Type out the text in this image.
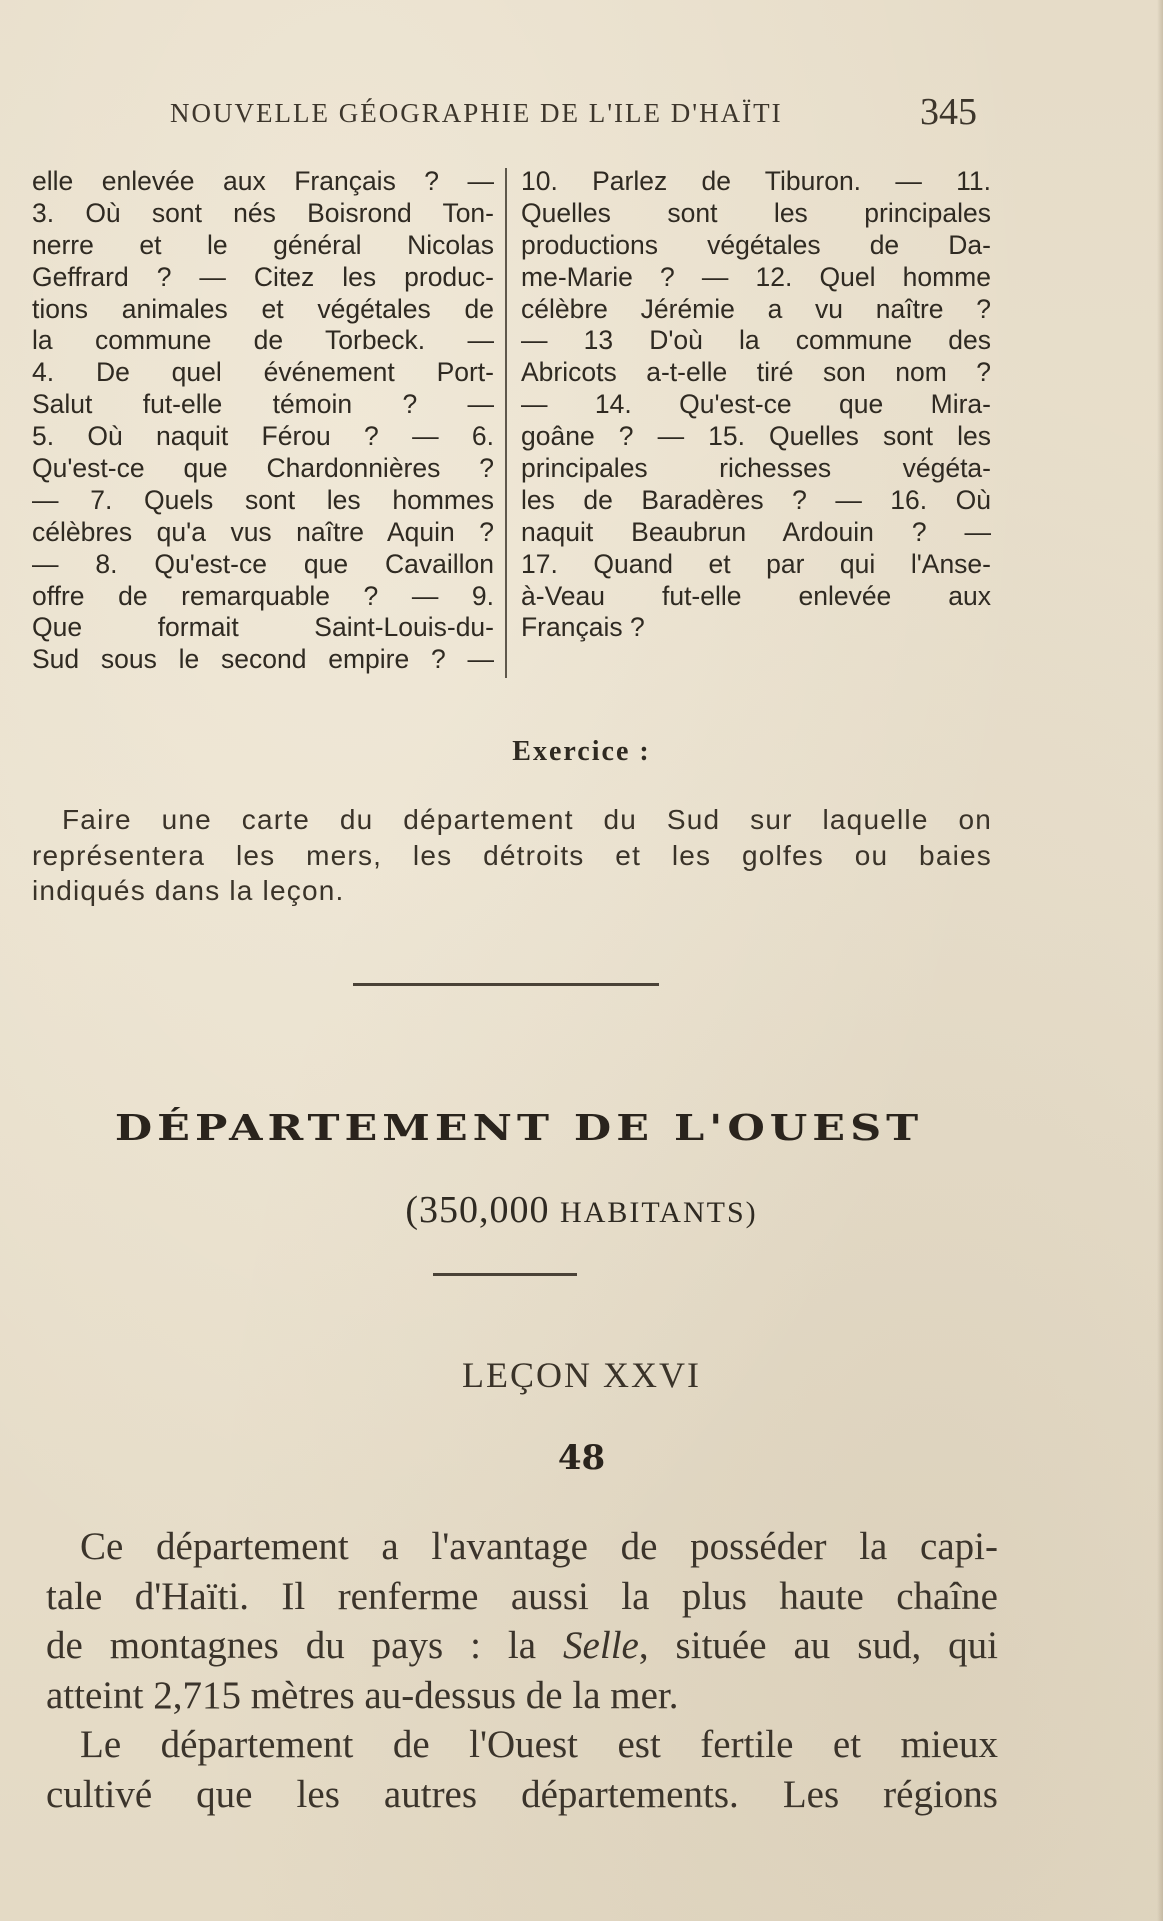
NOUVELLE GÉOGRAPHIE DE L'ILE D'HAÏTI	345
elle enlevée aux Français ? —
3. Où sont nés Boisrond Ton-
nerre et le général Nicolas
Geffrard ? — Citez les produc-
tions animales et végétales de
la commune de Torbeck. —
4. De quel événement Port-
Salut fut-elle témoin ? —
5. Où naquit Férou ? — 6.
Qu'est-ce que Chardonnières ?
— 7. Quels sont les hommes
célèbres qu'a vus naître Aquin ?
— 8. Qu'est-ce que Cavaillon
offre de remarquable ? — 9.
Que formait Saint-Louis-du-
Sud sous le second empire ? —
10. Parlez de Tiburon. — 11.
Quelles sont les principales
productions végétales de Da-
me-Marie ? — 12. Quel homme
célèbre Jérémie a vu naître ?
— 13 D'où la commune des
Abricots a-t-elle tiré son nom ?
— 14. Qu'est-ce que Mira-
goâne ? — 15. Quelles sont les
principales richesses végéta-
les de Baradères ? — 16. Où
naquit Beaubrun Ardouin ? —
17. Quand et par qui l'Anse-
à-Veau fut-elle enlevée aux
Français ?
Exercice :
Faire une carte du département du Sud sur laquelle on
représentera les mers, les détroits et les golfes ou baies
indiqués dans la leçon.
DÉPARTEMENT DE L'OUEST
(350,000 HABITANTS)
LEÇON XXVI
48
Ce département a l'avantage de posséder la capi-
tale d'Haïti. Il renferme aussi la plus haute chaîne
de montagnes du pays : la Selle, située au sud, qui
atteint 2,715 mètres au-dessus de la mer.
Le département de l'Ouest est fertile et mieux
cultivé que les autres départements. Les régions
